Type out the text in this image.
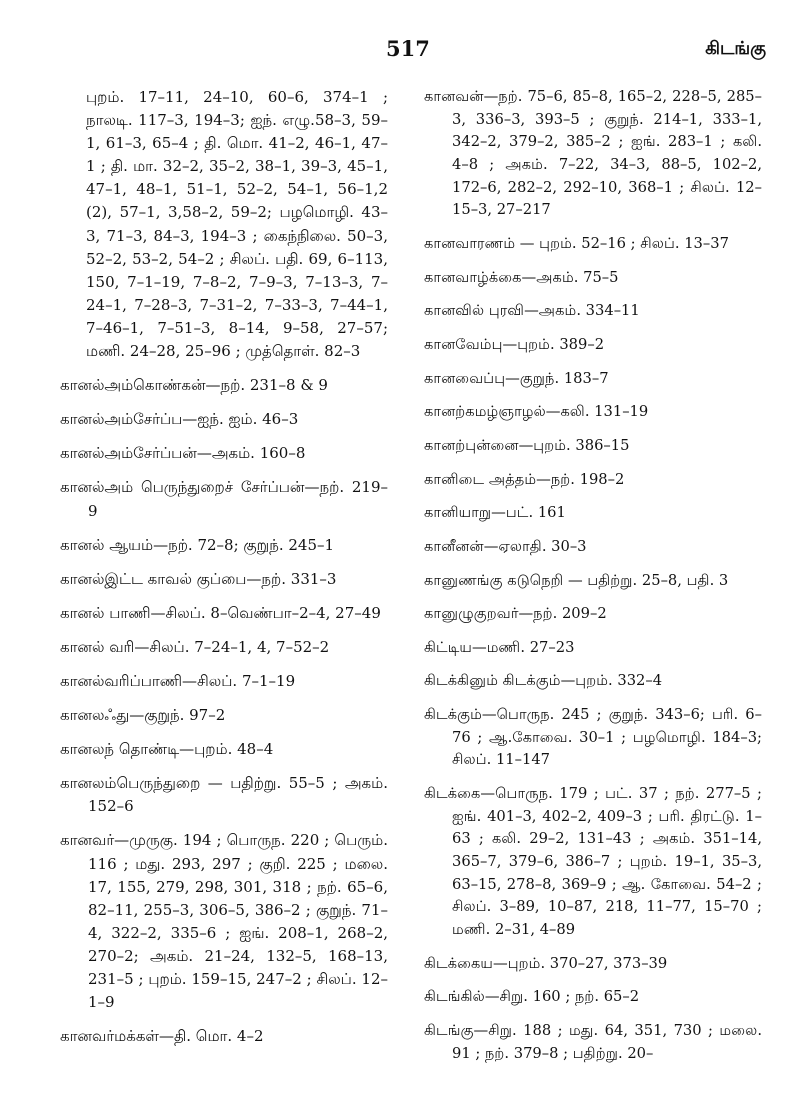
517	கிடங்கு

புறம். 17–11, 24–10, 60–6, 374–1 ; நாலடி. 117–3, 194–3; ஐந். எழு.58–3, 59–1, 61–3, 65–4 ; தி. மொ. 41–2, 46–1, 47–1 ; தி. மா. 32–2, 35–2, 38–1, 39–3, 45–1, 47–1, 48–1, 51–1, 52–2, 54–1, 56–1,2 (2), 57–1, 3,58–2, 59–2; பழமொழி. 43–3, 71–3, 84–3, 194–3 ; கைந்நிலை. 50–3, 52–2, 53–2, 54–2 ; சிலப். பதி. 69, 6–113, 150, 7–1–19, 7–8–2, 7–9–3, 7–13–3, 7–24–1, 7–28–3, 7–31–2, 7–33–3, 7–44–1, 7–46–1, 7–51–3, 8–14, 9–58, 27–57; மணி. 24–28, 25–96 ; முத்தொள். 82–3

கானல்அம்கொண்கன்—நற். 231–8 & 9

கானல்அம்சேர்ப்ப—ஐந். ஐம். 46–3

கானல்அம்சேர்ப்பன்—அகம். 160–8

கானல்அம் பெருந்துறைச் சேர்ப்பன்—நற். 219–9

கானல் ஆயம்—நற். 72–8; குறுந். 245–1

கானல்இட்ட காவல் குப்பை—நற். 331–3

கானல் பாணி—சிலப். 8–வெண்பா–2–4, 27–49

கானல் வரி—சிலப். 7–24–1, 4, 7–52–2

கானல்வரிப்பாணி—சிலப். 7–1–19

கானலஃது—குறுந். 97–2

கானலந் தொண்டி—புறம். 48–4

கானலம்பெருந்துறை — பதிற்று. 55–5 ; அகம். 152–6

கானவர்—முருகு. 194 ; பொருந. 220 ; பெரும். 116 ; மது. 293, 297 ; குறி. 225 ; மலை. 17, 155, 279, 298, 301, 318 ; நற். 65–6, 82–11, 255–3, 306–5, 386–2 ; குறுந். 71–4, 322–2, 335–6 ; ஐங். 208–1, 268–2, 270–2; அகம். 21–24, 132–5, 168–13, 231–5 ; புறம். 159–15, 247–2 ; சிலப். 12–1–9

கானவர்மக்கள்—தி. மொ. 4–2

கானவன்—நற். 75–6, 85–8, 165–2, 228–5, 285–3, 336–3, 393–5 ; குறுந். 214–1, 333–1, 342–2, 379–2, 385–2 ; ஐங். 283–1 ; கலி. 4–8 ; அகம். 7–22, 34–3, 88–5, 102–2, 172–6, 282–2, 292–10, 368–1 ; சிலப். 12–15–3, 27–217

கானவாரணம் — புறம். 52–16 ; சிலப். 13–37

கானவாழ்க்கை—அகம். 75–5

கானவில் புரவி—அகம். 334–11

கானவேம்பு—புறம். 389–2

கானவைப்பு—குறுந். 183–7

கானற்கமழ்ஞாழல்—கலி. 131–19

கானற்புன்னை—புறம். 386–15

கானிடை அத்தம்—நற். 198–2

கானியாறு—பட். 161

கானீனன்—ஏலாதி. 30–3

கானுணங்கு கடுநெறி — பதிற்று. 25–8, பதி. 3

கானுழுகுறவர்—நற். 209–2

கிட்டிய—மணி. 27–23

கிடக்கினும் கிடக்கும்—புறம். 332–4

கிடக்கும்—பொருந. 245 ; குறுந். 343–6; பரி. 6–76 ; ஆ.கோவை. 30–1 ; பழமொழி. 184–3; சிலப். 11–147

கிடக்கை—பொருந. 179 ; பட். 37 ; நற். 277–5 ; ஐங். 401–3, 402–2, 409–3 ; பரி. திரட்டு. 1–63 ; கலி. 29–2, 131–43 ; அகம். 351–14, 365–7, 379–6, 386–7 ; புறம். 19–1, 35–3, 63–15, 278–8, 369–9 ; ஆ. கோவை. 54–2 ; சிலப். 3–89, 10–87, 218, 11–77, 15–70 ; மணி. 2–31, 4–89

கிடக்கைய—புறம். 370–27, 373–39

கிடங்கில்—சிறு. 160 ; நற். 65–2

கிடங்கு—சிறு. 188 ; மது. 64, 351, 730 ; மலை. 91 ; நற். 379–8 ; பதிற்று. 20–
